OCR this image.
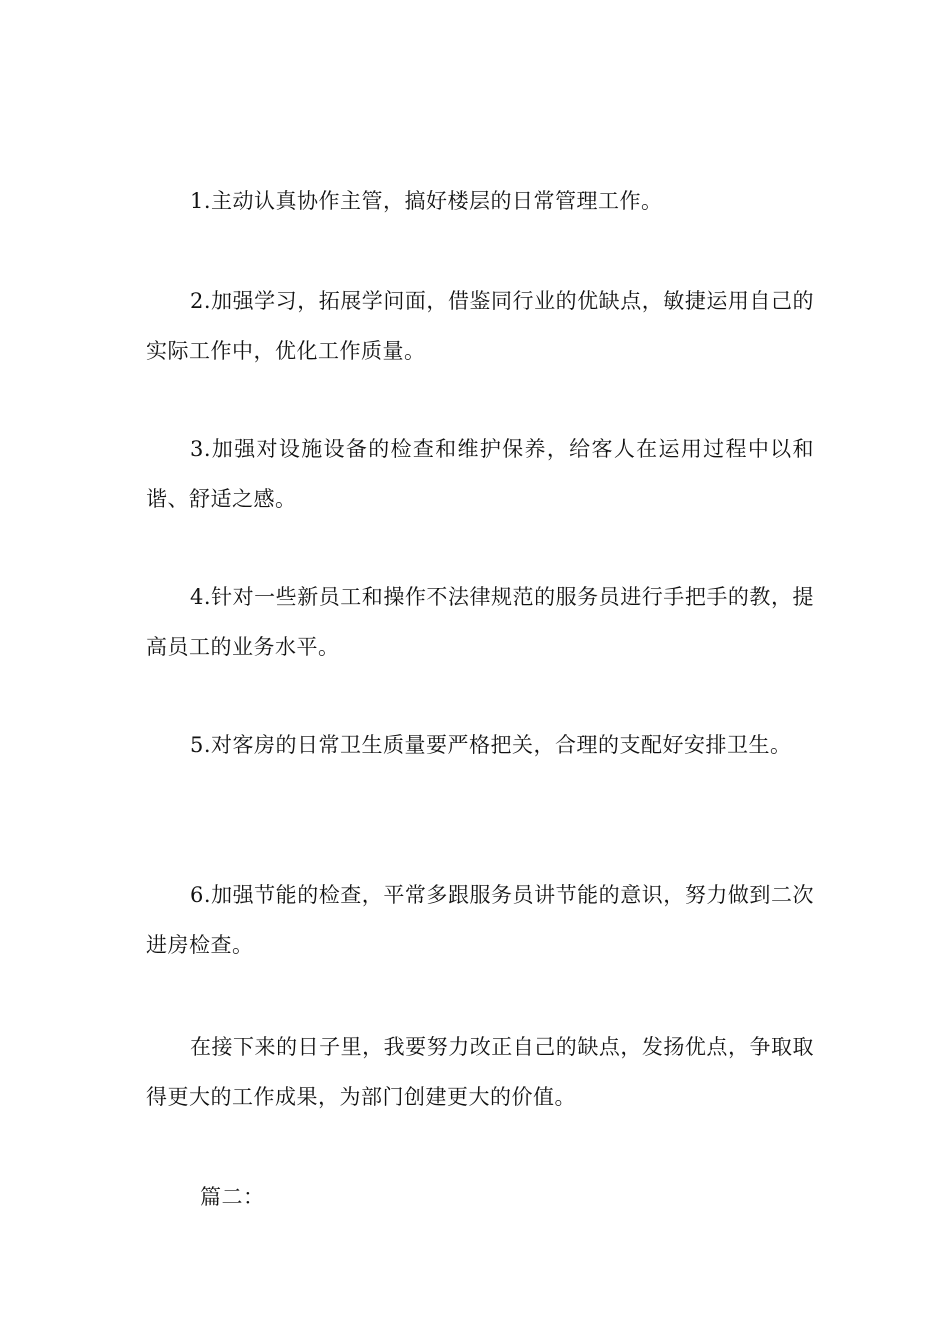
1.主动认真协作主管，搞好楼层的日常管理工作。

2.加强学习，拓展学问面，借鉴同行业的优缺点，敏捷运用自己的实际工作中，优化工作质量。

3.加强对设施设备的检查和维护保养，给客人在运用过程中以和谐、舒适之感。

4.针对一些新员工和操作不法律规范的服务员进行手把手的教，提高员工的业务水平。

5.对客房的日常卫生质量要严格把关，合理的支配好安排卫生。

6.加强节能的检查，平常多跟服务员讲节能的意识，努力做到二次进房检查。

在接下来的日子里，我要努力改正自己的缺点，发扬优点，争取取得更大的工作成果，为部门创建更大的价值。

篇二：
